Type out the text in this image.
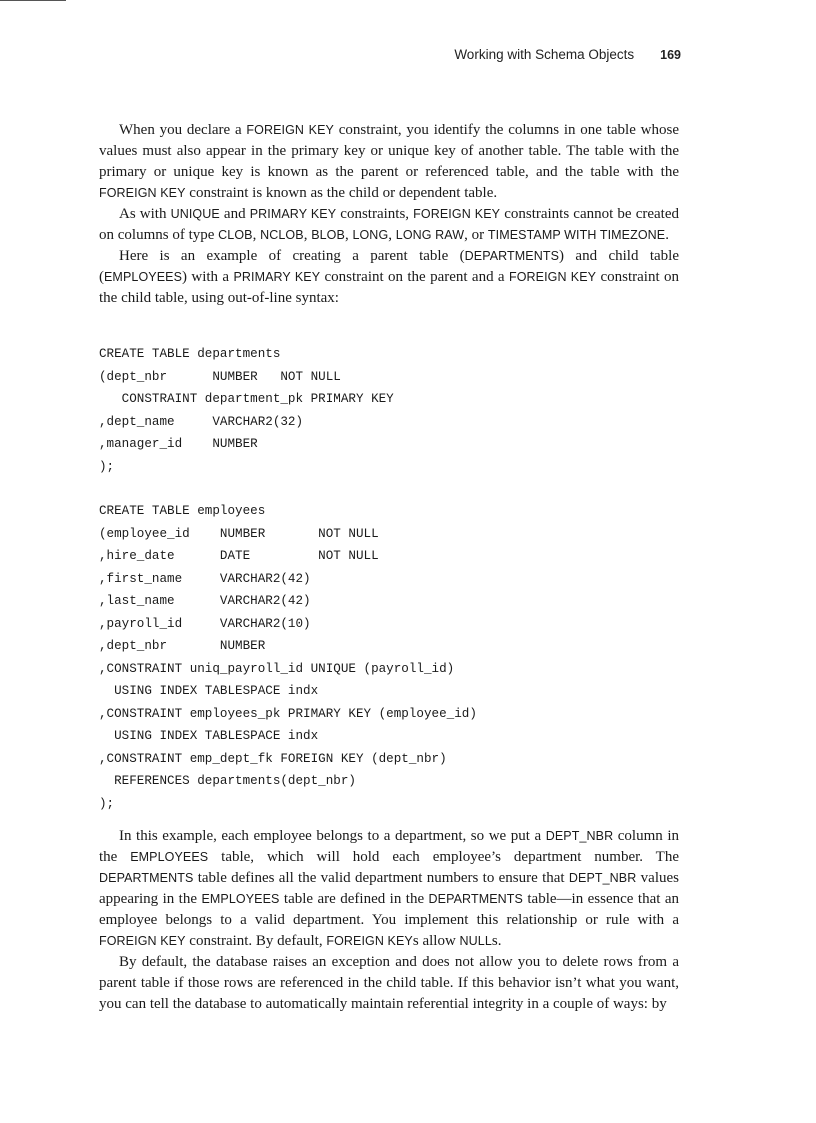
Working with Schema Objects 169

When you declare a FOREIGN KEY constraint, you identify the columns in one table whose values must also appear in the primary key or unique key of another table. The table with the primary or unique key is known as the parent or referenced table, and the table with the FOREIGN KEY constraint is known as the child or dependent table.

As with UNIQUE and PRIMARY KEY constraints, FOREIGN KEY constraints cannot be created on columns of type CLOB, NCLOB, BLOB, LONG, LONG RAW, or TIMESTAMP WITH TIMEZONE.

Here is an example of creating a parent table (DEPARTMENTS) and child table (EMPLOYEES) with a PRIMARY KEY constraint on the parent and a FOREIGN KEY constraint on the child table, using out-of-line syntax:

CREATE TABLE departments
(dept_nbr      NUMBER   NOT NULL
CONSTRAINT department_pk PRIMARY KEY
,dept_name     VARCHAR2(32)
,manager_id    NUMBER
);
CREATE TABLE employees
(employee_id    NUMBER       NOT NULL
,hire_date      DATE         NOT NULL
,first_name     VARCHAR2(42)
,last_name      VARCHAR2(42)
,payroll_id     VARCHAR2(10)
,dept_nbr       NUMBER
,CONSTRAINT uniq_payroll_id UNIQUE (payroll_id)
USING INDEX TABLESPACE indx
,CONSTRAINT employees_pk PRIMARY KEY (employee_id)
USING INDEX TABLESPACE indx
,CONSTRAINT emp_dept_fk FOREIGN KEY (dept_nbr)
REFERENCES departments(dept_nbr)
);

In this example, each employee belongs to a department, so we put a DEPT_NBR column in the EMPLOYEES table, which will hold each employee’s department number. The DEPARTMENTS table defines all the valid department numbers to ensure that DEPT_NBR values appearing in the EMPLOYEES table are defined in the DEPARTMENTS table—in essence that an employee belongs to a valid department. You implement this relationship or rule with a FOREIGN KEY constraint. By default, FOREIGN KEYs allow NULLs.

By default, the database raises an exception and does not allow you to delete rows from a parent table if those rows are referenced in the child table. If this behavior isn’t what you want, you can tell the database to automatically maintain referential integrity in a couple of ways: by
